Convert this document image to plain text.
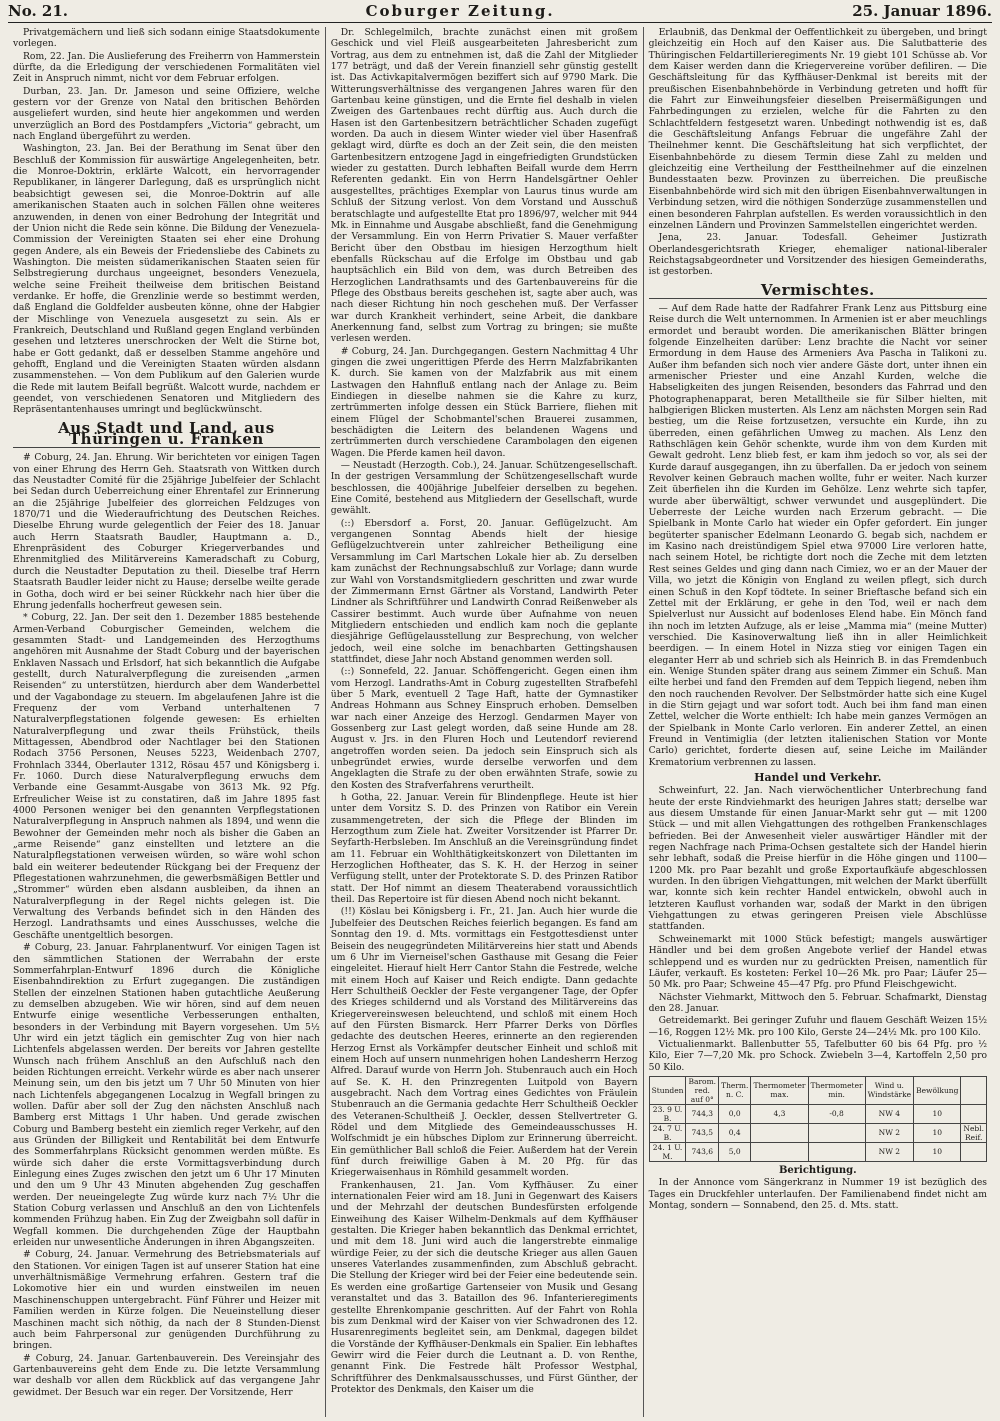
No. 21.	Coburger Zeitung.	25. Januar 1896.

Privatgemächern und ließ sich sodann einige Staatsdokumente vorlegen.

Rom, 22. Jan. Die Auslieferung des Freiherrn von Hammerstein dürfte, da die Erledigung der verschiedenen Formalitäten viel Zeit in Anspruch nimmt, nicht vor dem Februar erfolgen.

Durban, 23. Jan. Dr. Jameson und seine Offiziere, welche gestern vor der Grenze von Natal den britischen Behörden ausgeliefert wurden, sind heute hier angekommen und werden unverzüglich an Bord des Postdampfers „Victoria“ gebracht, um nach England übergeführt zu werden.

Washington, 23. Jan. Bei der Berathung im Senat über den Beschluß der Kommission für auswärtige Angelegenheiten, betr. die Monroe-Doktrin, erklärte Walcott, ein hervorragender Republikaner, in längerer Darlegung, daß es ursprünglich nicht beabsichtigt gewesen sei, die Monroe-Doktrin auf alle amerikanischen Staaten auch in solchen Fällen ohne weiteres anzuwenden, in denen von einer Bedrohung der Integrität und der Union nicht die Rede sein könne. Die Bildung der Venezuela-Commission der Vereinigten Staaten sei eher eine Drohung gegen Andere, als ein Beweis der Friedensliebe des Cabinets zu Washington. Die meisten südamerikanischen Staaten seien für Selbstregierung durchaus ungeeignet, besonders Venezuela, welche seine Freiheit theilweise dem britischen Beistand verdanke. Er hoffe, die Grenzlinie werde so bestimmt werden, daß England die Goldfelder ausbeuten könne, ohne der Habgier der Mischlinge von Venezuela ausgesetzt zu sein. Als er Frankreich, Deutschland und Rußland gegen England verbünden gesehen und letzteres unerschrocken der Welt die Stirne bot, habe er Gott gedankt, daß er desselben Stamme angehöre und gehofft, England und die Vereinigten Staaten würden alsdann zusammenstehen. — Von dem Publikum auf den Galerien wurde die Rede mit lautem Beifall begrüßt. Walcott wurde, nachdem er geendet, von verschiedenen Senatoren und Mitgliedern des Repräsentantenhauses umringt und beglückwünscht.

Aus Stadt und Land, aus Thüringen u. Franken

# Coburg, 24. Jan. Ehrung. Wir berichteten vor einigen Tagen von einer Ehrung des Herrn Geh. Staatsrath von Wittken durch das Neustadter Comité für die 25jährige Jubelfeier der Schlacht bei Sedan durch Ueberreichung einer Ehrentafel zur Erinnerung an die 25jährige Jubelfeier des glorreichen Feldzuges von 1870/71 und die Wiederaufrichtung des Deutschen Reiches. Dieselbe Ehrung wurde gelegentlich der Feier des 18. Januar auch Herrn Staatsrath Baudler, Hauptmann a. D., Ehrenpräsident des Coburger Kriegerverbandes und Ehrenmitglied des Militärvereins Kameradschaft zu Coburg, durch die Neustadter Deputation zu theil. Dieselbe traf Herrn Staatsrath Baudler leider nicht zu Hause; derselbe weilte gerade in Gotha, doch wird er bei seiner Rückkehr nach hier über die Ehrung jedenfalls hocherfreut gewesen sein.

* Coburg, 22. Jan. Der seit den 1. Dezember 1885 bestehende Armen-Verband Coburgischer Gemeinden, welchem die gesammten Stadt- und Landgemeinden des Herzogthums angehören mit Ausnahme der Stadt Coburg und der bayerischen Enklaven Nassach und Erlsdorf, hat sich bekanntlich die Aufgabe gestellt, durch Naturalverpflegung die zureisenden „armen Reisenden“ zu unterstützen, hierdurch aber dem Wanderbettel und der Vagabondage zu steuern. Im abgelaufenen Jahre ist die Frequenz der vom Verband unterhaltenen 7 Naturalverpflegstationen folgende gewesen: Es erhielten Naturalverpflegung und zwar theils Frühstück, theils Mittagessen, Abendbrod oder Nachtlager bei den Stationen Rodach 3756 Personen, Neuses 5223, Weidenbach 2707, Frohnlach 3344, Oberlauter 1312, Rösau 457 und Königsberg i. Fr. 1060. Durch diese Naturalverpflegung erwuchs dem Verbande eine Gesammt-Ausgabe von 3613 Mk. 92 Pfg. Erfreulicher Weise ist zu constatiren, daß im Jahre 1895 fast 4000 Personen weniger bei den genannten Verpflegstationen Naturalverpflegung in Anspruch nahmen als 1894, und wenn die Bewohner der Gemeinden mehr noch als bisher die Gaben an „arme Reisende“ ganz einstellten und letztere an die Naturalpflegstationen verweisen würden, so wäre wohl schon bald ein weiterer bedeutender Rückgang bei der Frequenz der Pflegestationen wahrzunehmen, die gewerbsmäßigen Bettler und „Strommer“ würden eben alsdann ausbleiben, da ihnen an Naturalverpflegung in der Regel nichts gelegen ist. Die Verwaltung des Verbands befindet sich in den Händen des Herzogl. Landrathsamts und eines Ausschusses, welche die Geschäfte unentgeltlich besorgen.

# Coburg, 23. Januar. Fahrplanentwurf. Vor einigen Tagen ist den sämmtlichen Stationen der Werrabahn der erste Sommerfahrplan-Entwurf 1896 durch die Königliche Eisenbahndirektion zu Erfurt zugegangen. Die zuständigen Stellen der einzelnen Stationen haben gutachtliche Aeußerung zu demselben abzugeben. Wie wir hören, sind auf dem neuen Entwurfe einige wesentliche Verbesserungen enthalten, besonders in der Verbindung mit Bayern vorgesehen. Um 5½ Uhr wird ein jetzt täglich ein gemischter Zug von hier nach Lichtenfels abgelassen werden. Der bereits vor Jahren gestellte Wunsch nach frühem Anschluß an den Aufschluß nach den beiden Richtungen erreicht. Verkehr würde es aber nach unserer Meinung sein, um den bis jetzt um 7 Uhr 50 Minuten von hier nach Lichtenfels abgegangenen Localzug in Wegfall bringen zu wollen. Dafür aber soll der Zug den nächsten Anschluß nach Bamberg erst Mittags 1 Uhr haben. Und gerade zwischen Coburg und Bamberg besteht ein ziemlich reger Verkehr, auf den aus Gründen der Billigkeit und Rentabilität bei dem Entwurfe des Sommerfahrplans Rücksicht genommen werden müßte. Es würde sich daher die erste Vormittagsverbindung durch Einlegung eines Zuges zwischen den jetzt um 6 Uhr 17 Minuten und den um 9 Uhr 43 Minuten abgehenden Zug geschaffen werden. Der neueingelegte Zug würde kurz nach 7½ Uhr die Station Coburg verlassen und Anschluß an den von Lichtenfels kommenden Frühzug haben. Ein Zug der Zweigbahn soll dafür in Wegfall kommen. Die durchgehenden Züge der Hauptbahn erleiden nur unwesentliche Änderungen in ihren Abgangszeiten.

# Coburg, 24. Januar. Vermehrung des Betriebsmaterials auf den Stationen. Vor einigen Tagen ist auf unserer Station hat eine unverhältnismäßige Vermehrung erfahren. Gestern traf die Lokomotive hier ein und wurden einstweilen im neuen Maschinenschuppen untergebracht. Fünf Führer und Heizer mit Familien werden in Kürze folgen. Die Neueinstellung dieser Maschinen macht sich nöthig, da nach der 8 Stunden-Dienst auch beim Fahrpersonal zur genügenden Durchführung zu bringen.

# Coburg, 24. Januar. Gartenbauverein. Des Vereinsjahr des Gartenbauvereins geht dem Ende zu. Die letzte Versammlung war deshalb vor allen dem Rückblick auf das vergangene Jahr gewidmet. Der Besuch war ein reger. Der Vorsitzende, Herr

Dr. Schlegelmilch, brachte zunächst einen mit großem Geschick und viel Fleiß ausgearbeiteten Jahresbericht zum Vortrag, aus dem zu entnehmen ist, daß die Zahl der Mitglieder 177 beträgt, und daß der Verein finanziell sehr günstig gestellt ist. Das Activkapitalvermögen beziffert sich auf 9790 Mark. Die Witterungsverhältnisse des vergangenen Jahres waren für den Gartenbau keine günstigen, und die Ernte fiel deshalb in vielen Zweigen des Gartenbaues recht dürftig aus. Auch durch die Hasen ist den Gartenbesitzern beträchtlicher Schaden zugefügt worden. Da auch in diesem Winter wieder viel über Hasenfraß geklagt wird, dürfte es doch an der Zeit sein, die den meisten Gartenbesitzern entzogene Jagd in eingefriedigten Grundstücken wieder zu gestatten. Durch lebhaften Beifall wurde dem Herrn Referenten gedankt. Ein von Herrn Handelsgärtner Oehler ausgestelltes, prächtiges Exemplar von Laurus tinus wurde am Schluß der Sitzung verlost. Von dem Vorstand und Ausschuß beratschlagte und aufgestellte Etat pro 1896/97, welcher mit 944 Mk. in Einnahme und Ausgabe abschließt, fand die Genehmigung der Versammlung. Ein von Herrn Privatier S. Mauer verfaßter Bericht über den Obstbau im hiesigen Herzogthum hielt ebenfalls Rückschau auf die Erfolge im Obstbau und gab hauptsächlich ein Bild von dem, was durch Betreiben des Herzoglichen Landrathsamts und des Gartenbauvereins für die Pflege des Obstbaus bereits geschehen ist, sagte aber auch, was nach dieser Richtung hin noch geschehen muß. Der Verfasser war durch Krankheit verhindert, seine Arbeit, die dankbare Anerkennung fand, selbst zum Vortrag zu bringen; sie mußte verlesen werden.

# Coburg, 24. Jan. Durchgegangen. Gestern Nachmittag 4 Uhr gingen die zwei ungerittigen Pferde des Herrn Malzfabrikanten K. durch. Sie kamen von der Malzfabrik aus mit einem Lastwagen den Hahnfluß entlang nach der Anlage zu. Beim Eindiegen in dieselbe nahmen sie die Kahre zu kurz, zertrümmerten infolge dessen ein Stück Barriere, fliehen mit einem Flügel der Schobmantel'schen Brauerei zusammen, beschädigten die Leitern des belandenen Wagens und zertrümmerten durch verschiedene Carambolagen den eigenen Wagen. Die Pferde kamen heil davon.

— Neustadt (Herzogth. Cob.), 24. Januar. Schützengesellschaft. In der gestrigen Versammlung der Schützengesellschaft wurde beschlossen, die 400jährige Jubelfeier derselben zu begehen. Eine Comité, bestehend aus Mitgliedern der Gesellschaft, wurde gewählt.

(::) Ebersdorf a. Forst, 20. Januar. Geflügelzucht. Am vergangenen Sonntag Abends hielt der hiesige Geflügelzuchtverein unter zahlreicher Betheiligung eine Versammlung im Carl Martschen Lokale hier ab. Zu derselben kam zunächst der Rechnungsabschluß zur Vorlage; dann wurde zur Wahl von Vorstandsmitgliedern geschritten und zwar wurde der Zimmermann Ernst Gärtner als Vorstand, Landwirth Peter Lindner als Schriftführer und Landwirth Conrad Reißenweber als Cassirer bestimmt. Auch wurde über Aufnahme von neuen Mitgliedern entschieden und endlich kam noch die geplante diesjährige Geflügelausstellung zur Besprechung, von welcher jedoch, weil eine solche im benachbarten Gettingshausen stattfindet, diese Jahr noch Abstand genommen werden soll.

(::) Sonnefeld, 22. Januar. Schöffengericht. Gegen einen ihm vom Herzogl. Landraths-Amt in Coburg zugestellten Strafbefehl über 5 Mark, eventuell 2 Tage Haft, hatte der Gymnastiker Andreas Hohmann aus Schney Einspruch erhoben. Demselben war nach einer Anzeige des Herzogl. Gendarmen Mayer von Gossenberg zur Last gelegt worden, daß seine Hunde am 28. August v. Jrs. in den Fluren Hoch und Leutendorf revierend angetroffen worden seien. Da jedoch sein Einspruch sich als unbegründet erwies, wurde derselbe verworfen und dem Angeklagten die Strafe zu der oben erwähnten Strafe, sowie zu den Kosten des Strafverfahrens verurtheilt.

h Gotha, 22. Januar. Verein für Blindenpflege. Heute ist hier unter dem Vorsitz S. D. des Prinzen von Ratibor ein Verein zusammengetreten, der sich die Pflege der Blinden im Herzogthum zum Ziele hat. Zweiter Vorsitzender ist Pfarrer Dr. Seyfarth-Herbsleben. Im Anschluß an die Vereinsgründung findet am 11. Februar ein Wohlthätigkeitskonzert von Dilettanten im Herzoglichen Hoftheater, das S. K. H. der Herzog in seiner Verfügung stellt, unter der Protektorate S. D. des Prinzen Ratibor statt. Der Hof nimmt an diesem Theaterabend voraussichtlich theil. Das Repertoire ist für diesen Abend noch nicht bekannt.

(!!) Köslau bei Königsberg i. Fr., 21. Jan. Auch hier wurde die Jubelfeier des Deutschen Reiches feierlich begangen. Es fand am Sonntag den 19. d. Mts. vormittags ein Festgottesdienst unter Beisein des neugegründeten Militärvereins hier statt und Abends um 6 Uhr im Vierneisel'schen Gasthause mit Gesang die Feier eingeleitet. Hierauf hielt Herr Cantor Stahn die Festrede, welche mit einem Hoch auf Kaiser und Reich endigte. Dann gedachte Herr Schultheiß Oeckler der Feste vergangener Tage, der Opfer des Krieges schildernd und als Vorstand des Militärvereins das Kriegervereinswesen beleuchtend, und schloß mit einem Hoch auf den Fürsten Bismarck. Herr Pfarrer Derks von Dörfles gedachte des deutschen Heeres, erinnerte an den regierenden Herzog Ernst als Vorkämpfer deutscher Einheit und schloß mit einem Hoch auf unsern nunmehrigen hohen Landesherrn Herzog Alfred. Darauf wurde von Herrn Joh. Stubenrauch auch ein Hoch auf Se. K. H. den Prinzregenten Luitpold von Bayern ausgebracht. Nach dem Vortrag eines Gedichtes von Fräulein Stubenrauch an die Germania gedachte Herr Schultheiß Oeckler des Veteranen-Schultheiß J. Oeckler, dessen Stellvertreter G. Rödel und dem Mitgliede des Gemeindeausschusses H. Wolfschmidt je ein hübsches Diplom zur Erinnerung überreicht. Ein gemüthlicher Ball schloß die Feier. Außerdem hat der Verein fünf durch freiwillige Gaben à M. 20 Pfg. für das Kriegerwaisenhaus in Römhild gesammelt worden.

Frankenhausen, 21. Jan. Vom Kyffhäuser. Zu einer internationalen Feier wird am 18. Juni in Gegenwart des Kaisers und der Mehrzahl der deutschen Bundesfürsten erfolgende Einweihung des Kaiser Wilhelm-Denkmals auf dem Kyffhäuser gestalten. Die Krieger haben bekanntlich das Denkmal errichtet, und mit dem 18. Juni wird auch die langerstrebte einmalige würdige Feier, zu der sich die deutsche Krieger aus allen Gauen unseres Vaterlandes zusammenfinden, zum Abschluß gebracht. Die Stellung der Krieger wird bei der Feier eine bedeutende sein. Es werden eine großartige Gartenseier von Musik und Gesang veranstaltet und das 3. Bataillon des 96. Infanterieregiments gestellte Ehrenkompanie geschritten. Auf der Fahrt von Rohla bis zum Denkmal wird der Kaiser von vier Schwadronen des 12. Husarenregiments begleitet sein, am Denkmal, dagegen bildet die Vorstände der Kyffhäuser-Denkmals ein Spalier. Ein lebhaftes Gewirr wird die Feier durch die Leutnant a. D. von Renthe, genannt Fink. Die Festrede hält Professor Westphal, Schriftführer des Denkmalsausschusses, und Fürst Günther, der Protektor des Denkmals, den Kaiser um die

Erlaubniß, das Denkmal der Oeffentlichkeit zu übergeben, und bringt gleichzeitig ein Hoch auf den Kaiser aus. Die Salutbatterie des Thüringischen Feldartillerieregiments Nr. 19 giebt 101 Schüsse ab. Vor dem Kaiser werden dann die Kriegervereine vorüber defiliren. — Die Geschäftsleitung für das Kyffhäuser-Denkmal ist bereits mit der preußischen Eisenbahnbehörde in Verbindung getreten und hofft für die Fahrt zur Einweihungsfeier dieselben Preisermäßigungen und Fahrbedingungen zu erzielen, welche für die Fahrten zu den Schlachtfeldern festgesetzt waren. Unbedingt nothwendig ist es, daß die Geschäftsleitung Anfangs Februar die ungefähre Zahl der Theilnehmer kennt. Die Geschäftsleitung hat sich verpflichtet, der Eisenbahnbehörde zu diesem Termin diese Zahl zu melden und gleichzeitig eine Vertheilung der Festtheilnehmer auf die einzelnen Bundesstaaten bezw. Provinzen zu überreichen. Die preußische Eisenbahnbehörde wird sich mit den übrigen Eisenbahnverwaltungen in Verbindung setzen, wird die nöthigen Sonderzüge zusammenstellen und einen besonderen Fahrplan aufstellen. Es werden voraussichtlich in den einzelnen Ländern und Provinzen Sammelstellen eingerichtet werden.

Jena, 23. Januar. Todesfall. Geheimer Justizrath Oberlandesgerichtsrath Krieger, ehemaliger national-liberaler Reichstagsabgeordneter und Vorsitzender des hiesigen Gemeinderaths, ist gestorben.

Vermischtes.

— Auf dem Rade hatte der Radfahrer Frank Lenz aus Pittsburg eine Reise durch die Welt unternommen. In Armenien ist er aber meuchlings ermordet und beraubt worden. Die amerikanischen Blätter bringen folgende Einzelheiten darüber: Lenz brachte die Nacht vor seiner Ermordung in dem Hause des Armeniers Ava Pascha in Talikoni zu. Außer ihm befanden sich noch vier andere Gäste dort, unter ihnen ein armenischer Priester und eine Anzahl Kurden, welche die Habseligkeiten des jungen Reisenden, besonders das Fahrrad und den Photographenapparat, beren Metalltheile sie für Silber hielten, mit halbgierigen Blicken musterten. Als Lenz am nächsten Morgen sein Rad bestieg, um die Reise fortzusetzen, versuchte ein Kurde, ihn zu überreden, einen gefährlichen Umweg zu machen. Als Lenz den Rathschlägen kein Gehör schenkte, wurde ihm von dem Kurden mit Gewalt gedroht. Lenz blieb fest, er kam ihm jedoch so vor, als sei der Kurde darauf ausgegangen, ihn zu überfallen. Da er jedoch von seinem Revolver keinen Gebrauch machen wollte, fuhr er weiter. Nach kurzer Zeit überfielen ihn die Kurden im Gehölze. Lenz wehrte sich tapfer, wurde aber überwältigt, schwer verwundet und ausgeplündert. Die Ueberreste der Leiche wurden nach Erzerum gebracht. — Die Spielbank in Monte Carlo hat wieder ein Opfer gefordert. Ein junger begüterter spanischer Edelmann Leonardo G. begab sich, nachdem er im Kasino nach dreistündigem Spiel etwa 97000 Lire verloren hatte, nach seinem Hotel, be richtigte dort noch die Zeche mit dem letzten Rest seines Geldes und ging dann nach Cimiez, wo er an der Mauer der Villa, wo jetzt die Königin von England zu weilen pflegt, sich durch einen Schuß in den Kopf tödtete. In seiner Brieftasche befand sich ein Zettel mit der Erklärung, er gehe in den Tod, weil er nach dem Spielverlust nur Aussicht auf bodenloses Elend habe. Ein Mönch fand ihn noch im letzten Aufzuge, als er leise „Mamma mia“ (meine Mutter) verschied. Die Kasinoverwaltung ließ ihn in aller Heimlichkeit beerdigen. — In einem Hotel in Nizza stieg vor einigen Tagen ein eleganter Herr ab und schrieb sich als Heinrich B. in das Fremdenbuch ein. Wenige Stunden später drang aus seinem Zimmer ein Schuß. Man eilte herbei und fand den Fremden auf dem Teppich liegend, neben ihm den noch rauchenden Revolver. Der Selbstmörder hatte sich eine Kugel in die Stirn gejagt und war sofort todt. Auch bei ihm fand man einen Zettel, welcher die Worte enthielt: Ich habe mein ganzes Vermögen an der Spielbank in Monte Carlo verloren. Ein anderer Zettel, an einen Freund in Ventimiglia (der letzten italienischen Station vor Monte Carlo) gerichtet, forderte diesen auf, seine Leiche im Mailänder Krematorium verbrennen zu lassen.

Handel und Verkehr.

Schweinfurt, 22. Jan. Nach vierwöchentlicher Unterbrechung fand heute der erste Rindviehmarkt des heurigen Jahres statt; derselbe war aus diesem Umstande für einen Januar-Markt sehr gut — mit 1200 Stück — und mit allen Viehgattungen des rothgelben Frankenschlages befrieden. Bei der Anwesenheit vieler auswärtiger Händler mit der regen Nachfrage nach Prima-Ochsen gestaltete sich der Handel hierin sehr lebhaft, sodaß die Preise hierfür in die Höhe gingen und 1100—1200 Mk. pro Paar bezahlt und große Exportaufkäufe abgeschlossen wurden. In den übrigen Viehgattungen, mit welchen der Markt überfüllt war, konnte sich kein rechter Handel entwickeln, obwohl auch in letzteren Kauflust vorhanden war, sodaß der Markt in den übrigen Viehgattungen zu etwas geringeren Preisen viele Abschlüsse stattfanden.

Schweinemarkt mit 1000 Stück befestigt; mangels auswärtiger Händler und bei dem großen Angebote verlief der Handel etwas schleppend und es wurden nur zu gedrückten Preisen, namentlich für Läufer, verkauft. Es kosteten: Ferkel 10—26 Mk. pro Paar; Läufer 25—50 Mk. pro Paar; Schweine 45—47 Pfg. pro Pfund Fleischgewicht.

Nächster Viehmarkt, Mittwoch den 5. Februar. Schafmarkt, Dienstag den 28. Januar.

Getreidemarkt. Bei geringer Zufuhr und flauem Geschäft Weizen 15½—16, Roggen 12½ Mk. pro 100 Kilo, Gerste 24—24½ Mk. pro 100 Kilo.

Victualienmarkt. Ballenbutter 55, Tafelbutter 60 bis 64 Pfg. pro ½ Kilo, Eier 7—7,20 Mk. pro Schock. Zwiebeln 3—4, Kartoffeln 2,50 pro 50 Kilo.

Stunden	Barom. red. auf 0°	Therm. n. C.	Thermometer max.	Thermometer min.	Wind u. Windstärke	Bewölkung	
23. 9 U. B.	744,3	0,0	4,3	-0,8	NW 4	10	
24. 7 U. B.	743,5	0,4			NW 2	10	Nebl. Reif.
24. 1 U. M.	743,6	5,0			NW 2	10	
Berichtigung.

In der Annonce vom Sängerkranz in Nummer 19 ist bezüglich des Tages ein Druckfehler unterlaufen. Der Familienabend findet nicht am Montag, sondern — Sonnabend, den 25. d. Mts. statt.
